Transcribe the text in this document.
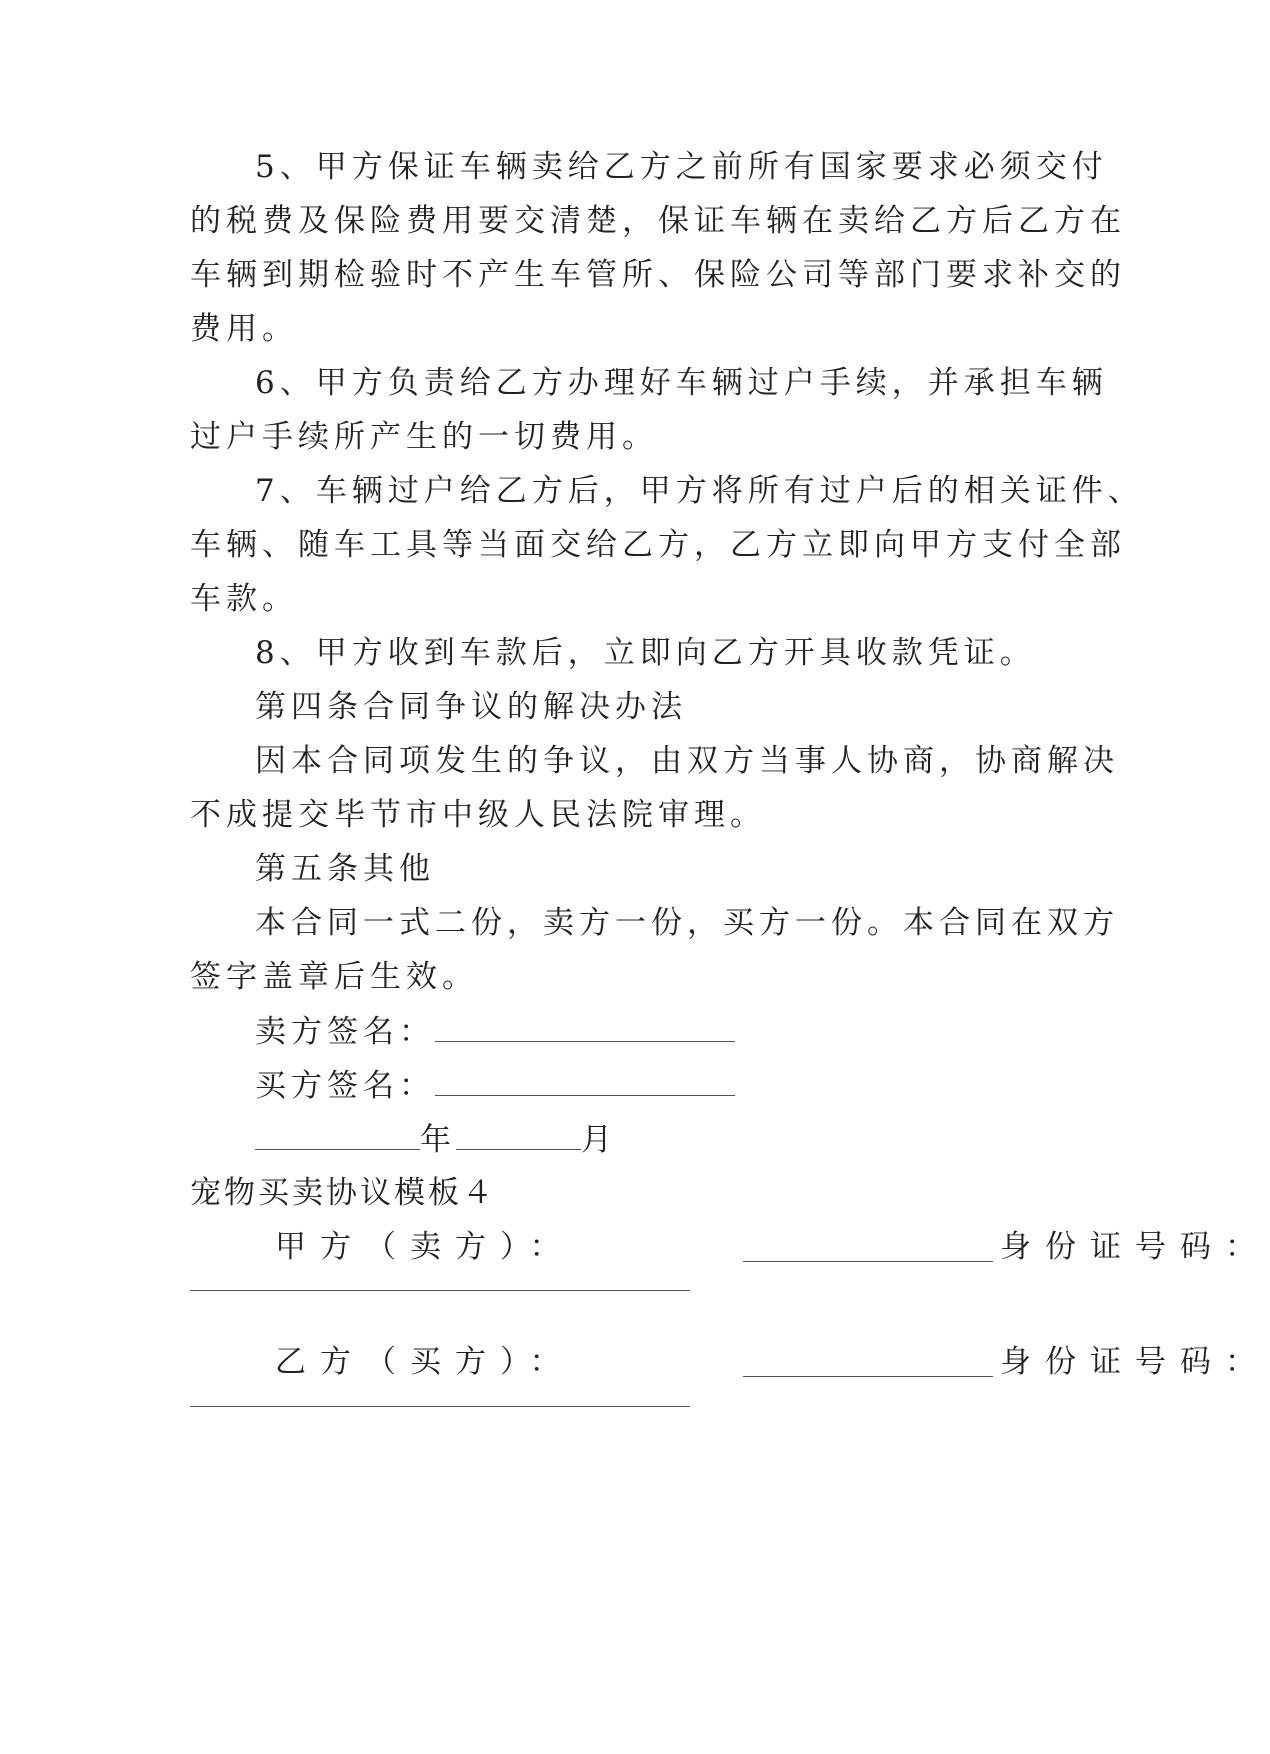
5、甲方保证车辆卖给乙方之前所有国家要求必须交付
的税费及保险费用要交清楚，保证车辆在卖给乙方后乙方在
车辆到期检验时不产生车管所、保险公司等部门要求补交的
费用。
6、甲方负责给乙方办理好车辆过户手续，并承担车辆
过户手续所产生的一切费用。
7、车辆过户给乙方后，甲方将所有过户后的相关证件、
车辆、随车工具等当面交给乙方，乙方立即向甲方支付全部
车款。
8、甲方收到车款后，立即向乙方开具收款凭证。
第四条合同争议的解决办法
因本合同项发生的争议，由双方当事人协商，协商解决
不成提交毕节市中级人民法院审理。
第五条其他
本合同一式二份，卖方一份，买方一份。本合同在双方
签字盖章后生效。
卖方签名：
买方签名：
年	月
宠物买卖协议模板４
甲方（卖方）：	身份证号码：
乙方（买方）：	身份证号码：
